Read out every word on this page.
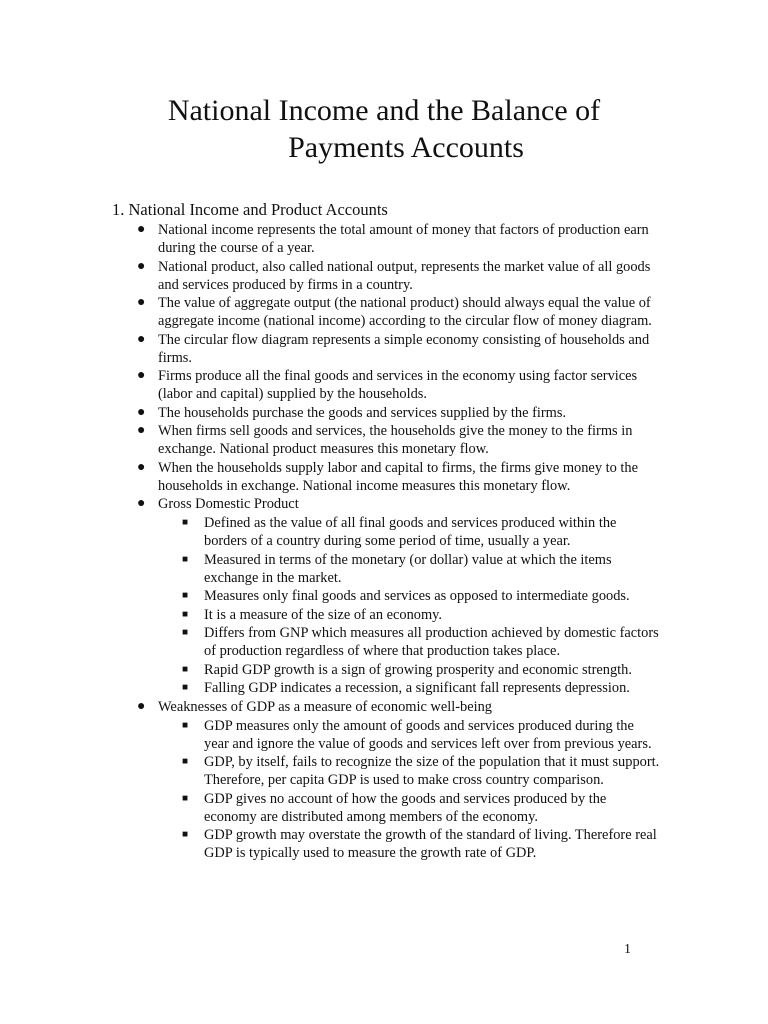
National Income and the Balance of
Payments Accounts
1. National Income and Product Accounts
● National income represents the total amount of money that factors of production earn during the course of a year.
● National product, also called national output, represents the market value of all goods and services produced by firms in a country.
● The value of aggregate output (the national product) should always equal the value of aggregate income (national income) according to the circular flow of money diagram.
● The circular flow diagram represents a simple economy consisting of households and firms.
● Firms produce all the final goods and services in the economy using factor services (labor and capital) supplied by the households.
● The households purchase the goods and services supplied by the firms.
● When firms sell goods and services, the households give the money to the firms in exchange. National product measures this monetary flow.
● When the households supply labor and capital to firms, the firms give money to the households in exchange. National income measures this monetary flow.
● Gross Domestic Product
■ Defined as the value of all final goods and services produced within the borders of a country during some period of time, usually a year.
■ Measured in terms of the monetary (or dollar) value at which the items exchange in the market.
■ Measures only final goods and services as opposed to intermediate goods.
■ It is a measure of the size of an economy.
■ Differs from GNP which measures all production achieved by domestic factors of production regardless of where that production takes place.
■ Rapid GDP growth is a sign of growing prosperity and economic strength.
■ Falling GDP indicates a recession, a significant fall represents depression.
● Weaknesses of GDP as a measure of economic well-being
■ GDP measures only the amount of goods and services produced during the year and ignore the value of goods and services left over from previous years.
■ GDP, by itself, fails to recognize the size of the population that it must support. Therefore, per capita GDP is used to make cross country comparison.
■ GDP gives no account of how the goods and services produced by the economy are distributed among members of the economy.
■ GDP growth may overstate the growth of the standard of living. Therefore real GDP is typically used to measure the growth rate of GDP.
1
